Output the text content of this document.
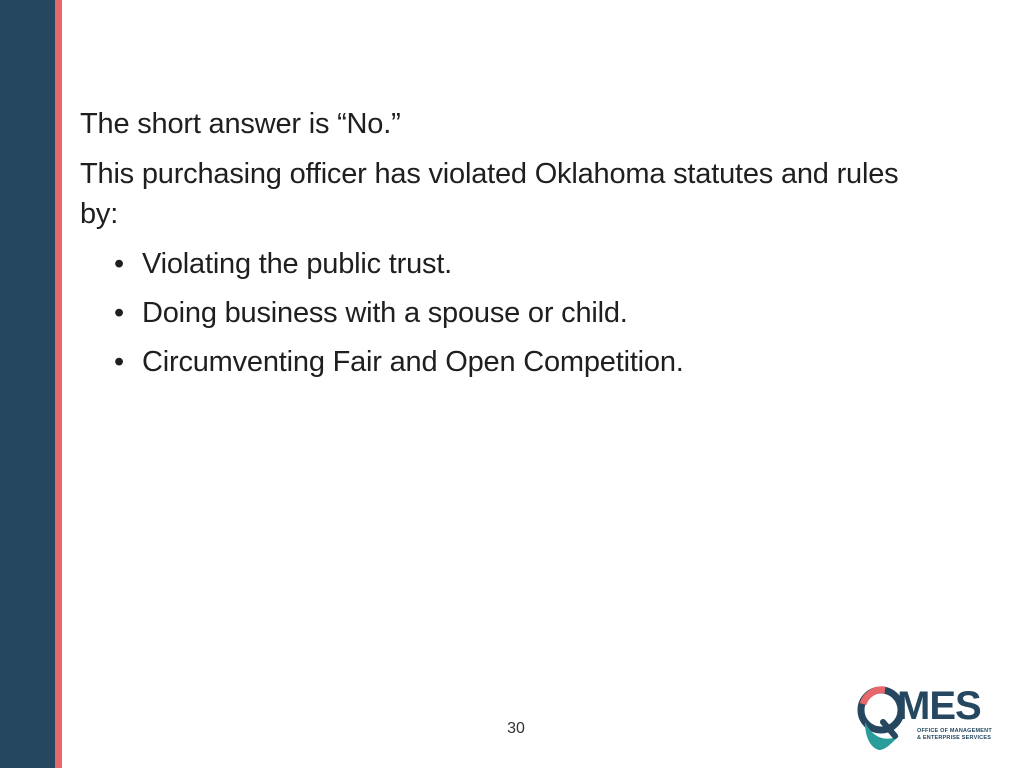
The short answer is “No.”

This purchasing officer has violated Oklahoma statutes and rules by:

• Violating the public trust.
• Doing business with a spouse or child.
• Circumventing Fair and Open Competition.
30
MES
OFFICE OF MANAGEMENT
& ENTERPRISE SERVICES
